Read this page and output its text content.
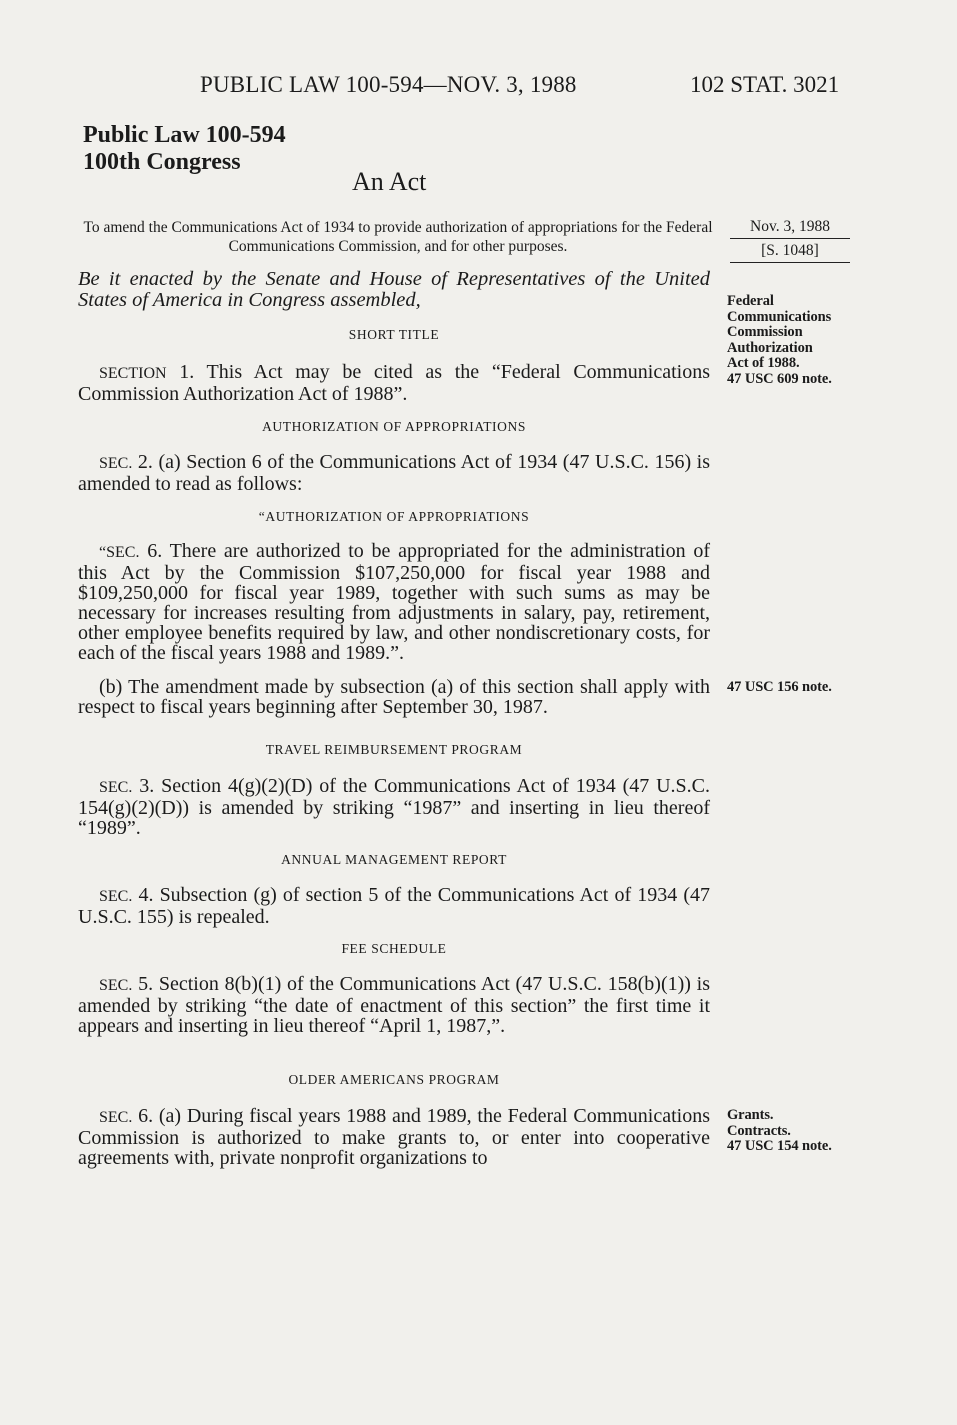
PUBLIC LAW 100-594—NOV. 3, 1988	102 STAT. 3021
Public Law 100-594
100th Congress
An Act
To amend the Communications Act of 1934 to provide authorization of appropriations for the Federal Communications Commission, and for other purposes.
Nov. 3, 1988
[S. 1048]
Be it enacted by the Senate and House of Representatives of the United States of America in Congress assembled,	Federal
Communications
Commission
Authorization
Act of 1988.
47 USC 609 note.
SHORT TITLE
SECTION 1. This Act may be cited as the “Federal Communications Commission Authorization Act of 1988”.
AUTHORIZATION OF APPROPRIATIONS
SEC. 2. (a) Section 6 of the Communications Act of 1934 (47 U.S.C. 156) is amended to read as follows:
“AUTHORIZATION OF APPROPRIATIONS
“SEC. 6. There are authorized to be appropriated for the administration of this Act by the Commission $107,250,000 for fiscal year 1988 and $109,250,000 for fiscal year 1989, together with such sums as may be necessary for increases resulting from adjustments in salary, pay, retirement, other employee benefits required by law, and other nondiscretionary costs, for each of the fiscal years 1988 and 1989.”.
(b) The amendment made by subsection (a) of this section shall apply with respect to fiscal years beginning after September 30, 1987.
47 USC 156 note.
TRAVEL REIMBURSEMENT PROGRAM
SEC. 3. Section 4(g)(2)(D) of the Communications Act of 1934 (47 U.S.C. 154(g)(2)(D)) is amended by striking “1987” and inserting in lieu thereof “1989”.
ANNUAL MANAGEMENT REPORT
SEC. 4. Subsection (g) of section 5 of the Communications Act of 1934 (47 U.S.C. 155) is repealed.
FEE SCHEDULE
SEC. 5. Section 8(b)(1) of the Communications Act (47 U.S.C. 158(b)(1)) is amended by striking “the date of enactment of this section” the first time it appears and inserting in lieu thereof “April 1, 1987,”.
OLDER AMERICANS PROGRAM
SEC. 6. (a) During fiscal years 1988 and 1989, the Federal Communications Commission is authorized to make grants to, or enter into cooperative agreements with, private nonprofit organizations to
Grants.
Contracts.
47 USC 154 note.
